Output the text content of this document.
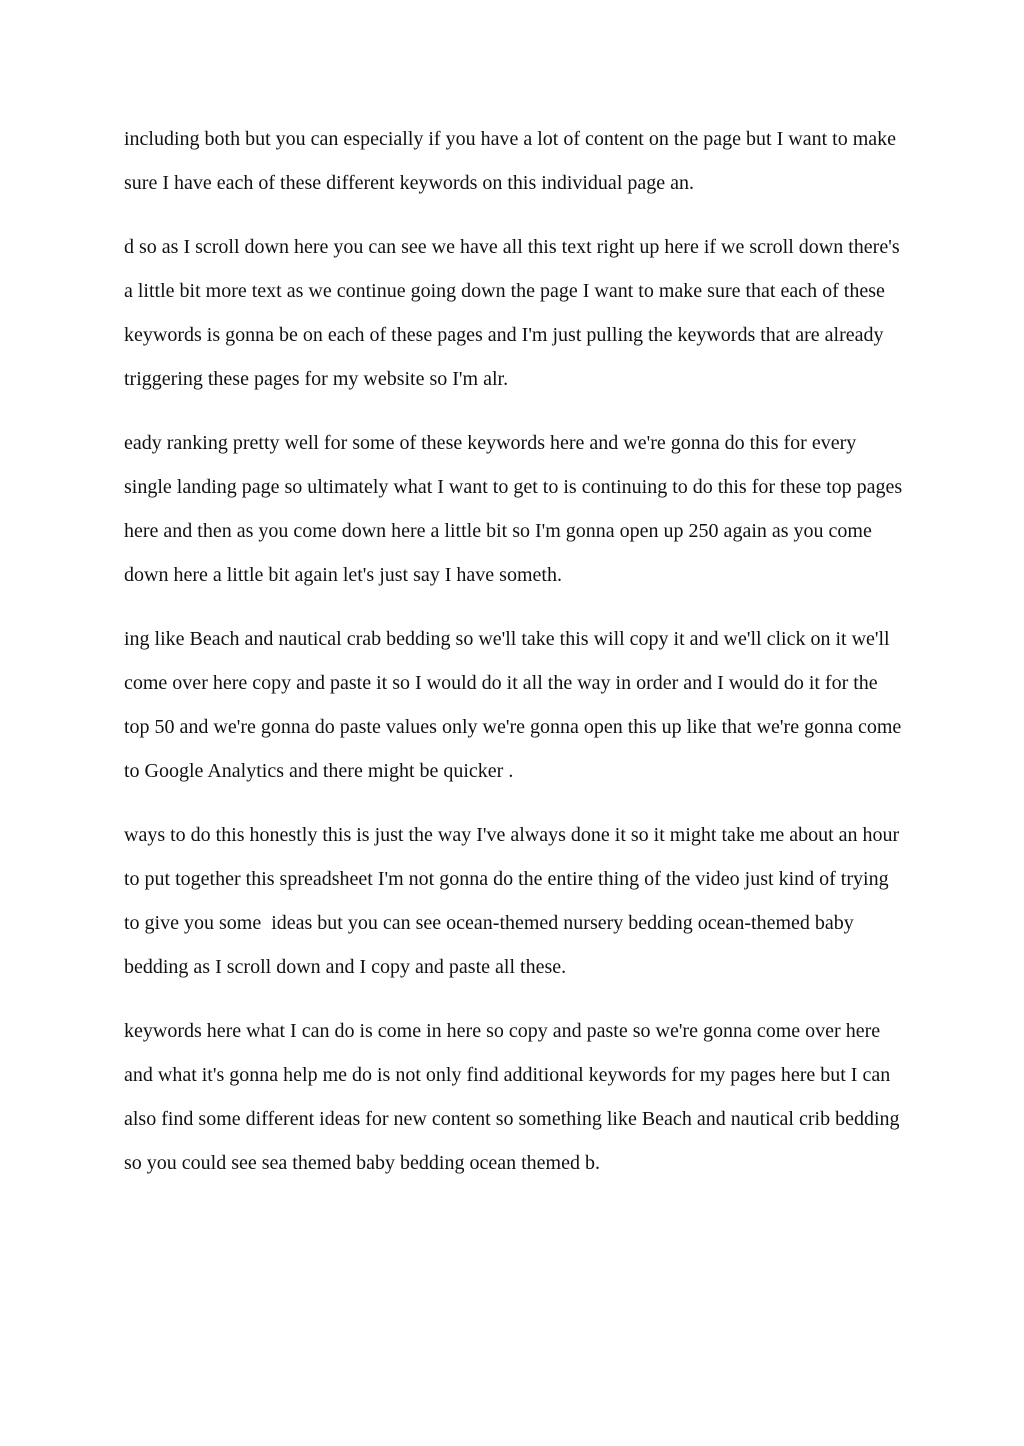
including both but you can especially if you have a lot of content on the page but I want to make sure I have each of these different keywords on this individual page an.

d so as I scroll down here you can see we have all this text right up here if we scroll down there's a little bit more text as we continue going down the page I want to make sure that each of these keywords is gonna be on each of these pages and I'm just pulling the keywords that are already triggering these pages for my website so I'm alr.

eady ranking pretty well for some of these keywords here and we're gonna do this for every single landing page so ultimately what I want to get to is continuing to do this for these top pages here and then as you come down here a little bit so I'm gonna open up 250 again as you come down here a little bit again let's just say I have someth.

ing like Beach and nautical crab bedding so we'll take this will copy it and we'll click on it we'll come over here copy and paste it so I would do it all the way in order and I would do it for the top 50 and we're gonna do paste values only we're gonna open this up like that we're gonna come to Google Analytics and there might be quicker .

ways to do this honestly this is just the way I've always done it so it might take me about an hour to put together this spreadsheet I'm not gonna do the entire thing of the video just kind of trying to give you some  ideas but you can see ocean-themed nursery bedding ocean-themed baby bedding as I scroll down and I copy and paste all these.

keywords here what I can do is come in here so copy and paste so we're gonna come over here and what it's gonna help me do is not only find additional keywords for my pages here but I can also find some different ideas for new content so something like Beach and nautical crib bedding so you could see sea themed baby bedding ocean themed b.
